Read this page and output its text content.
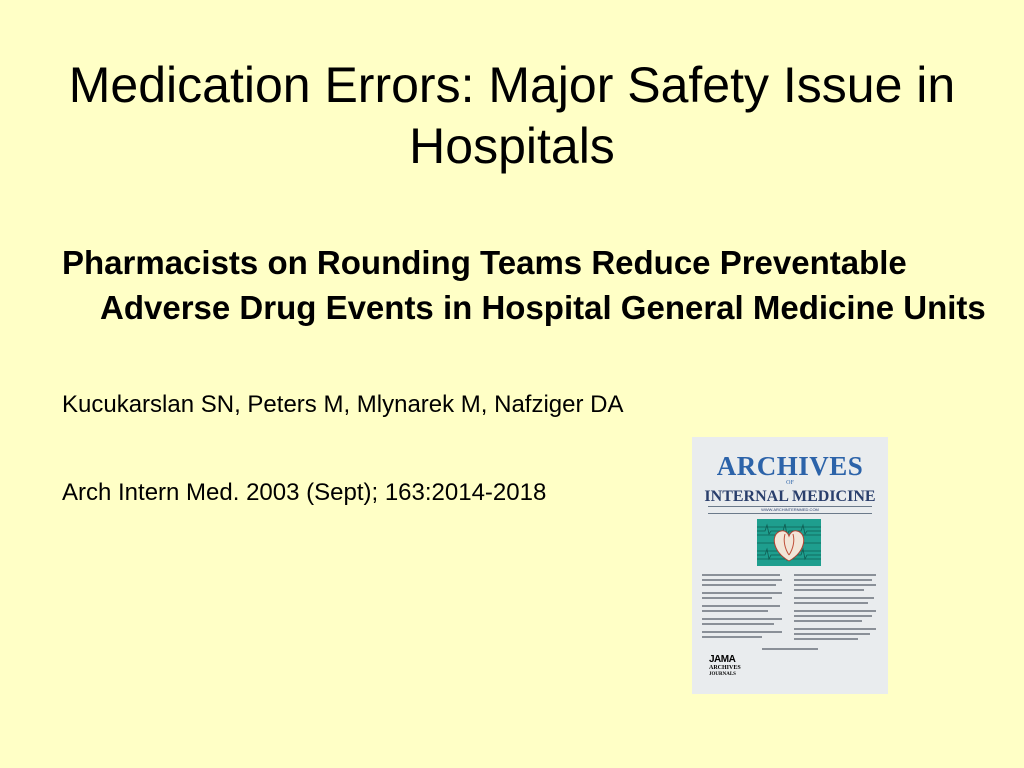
Medication Errors: Major Safety Issue in Hospitals
Pharmacists on Rounding Teams Reduce Preventable Adverse Drug Events in Hospital General Medicine Units
Kucukarslan SN, Peters M, Mlynarek M, Nafziger DA
Arch Intern Med. 2003 (Sept); 163:2014-2018
ARCHIVES
OF
INTERNAL MEDICINE
WWW.ARCHINTERNMED.COM
JAMA
ARCHIVES
JOURNALS
